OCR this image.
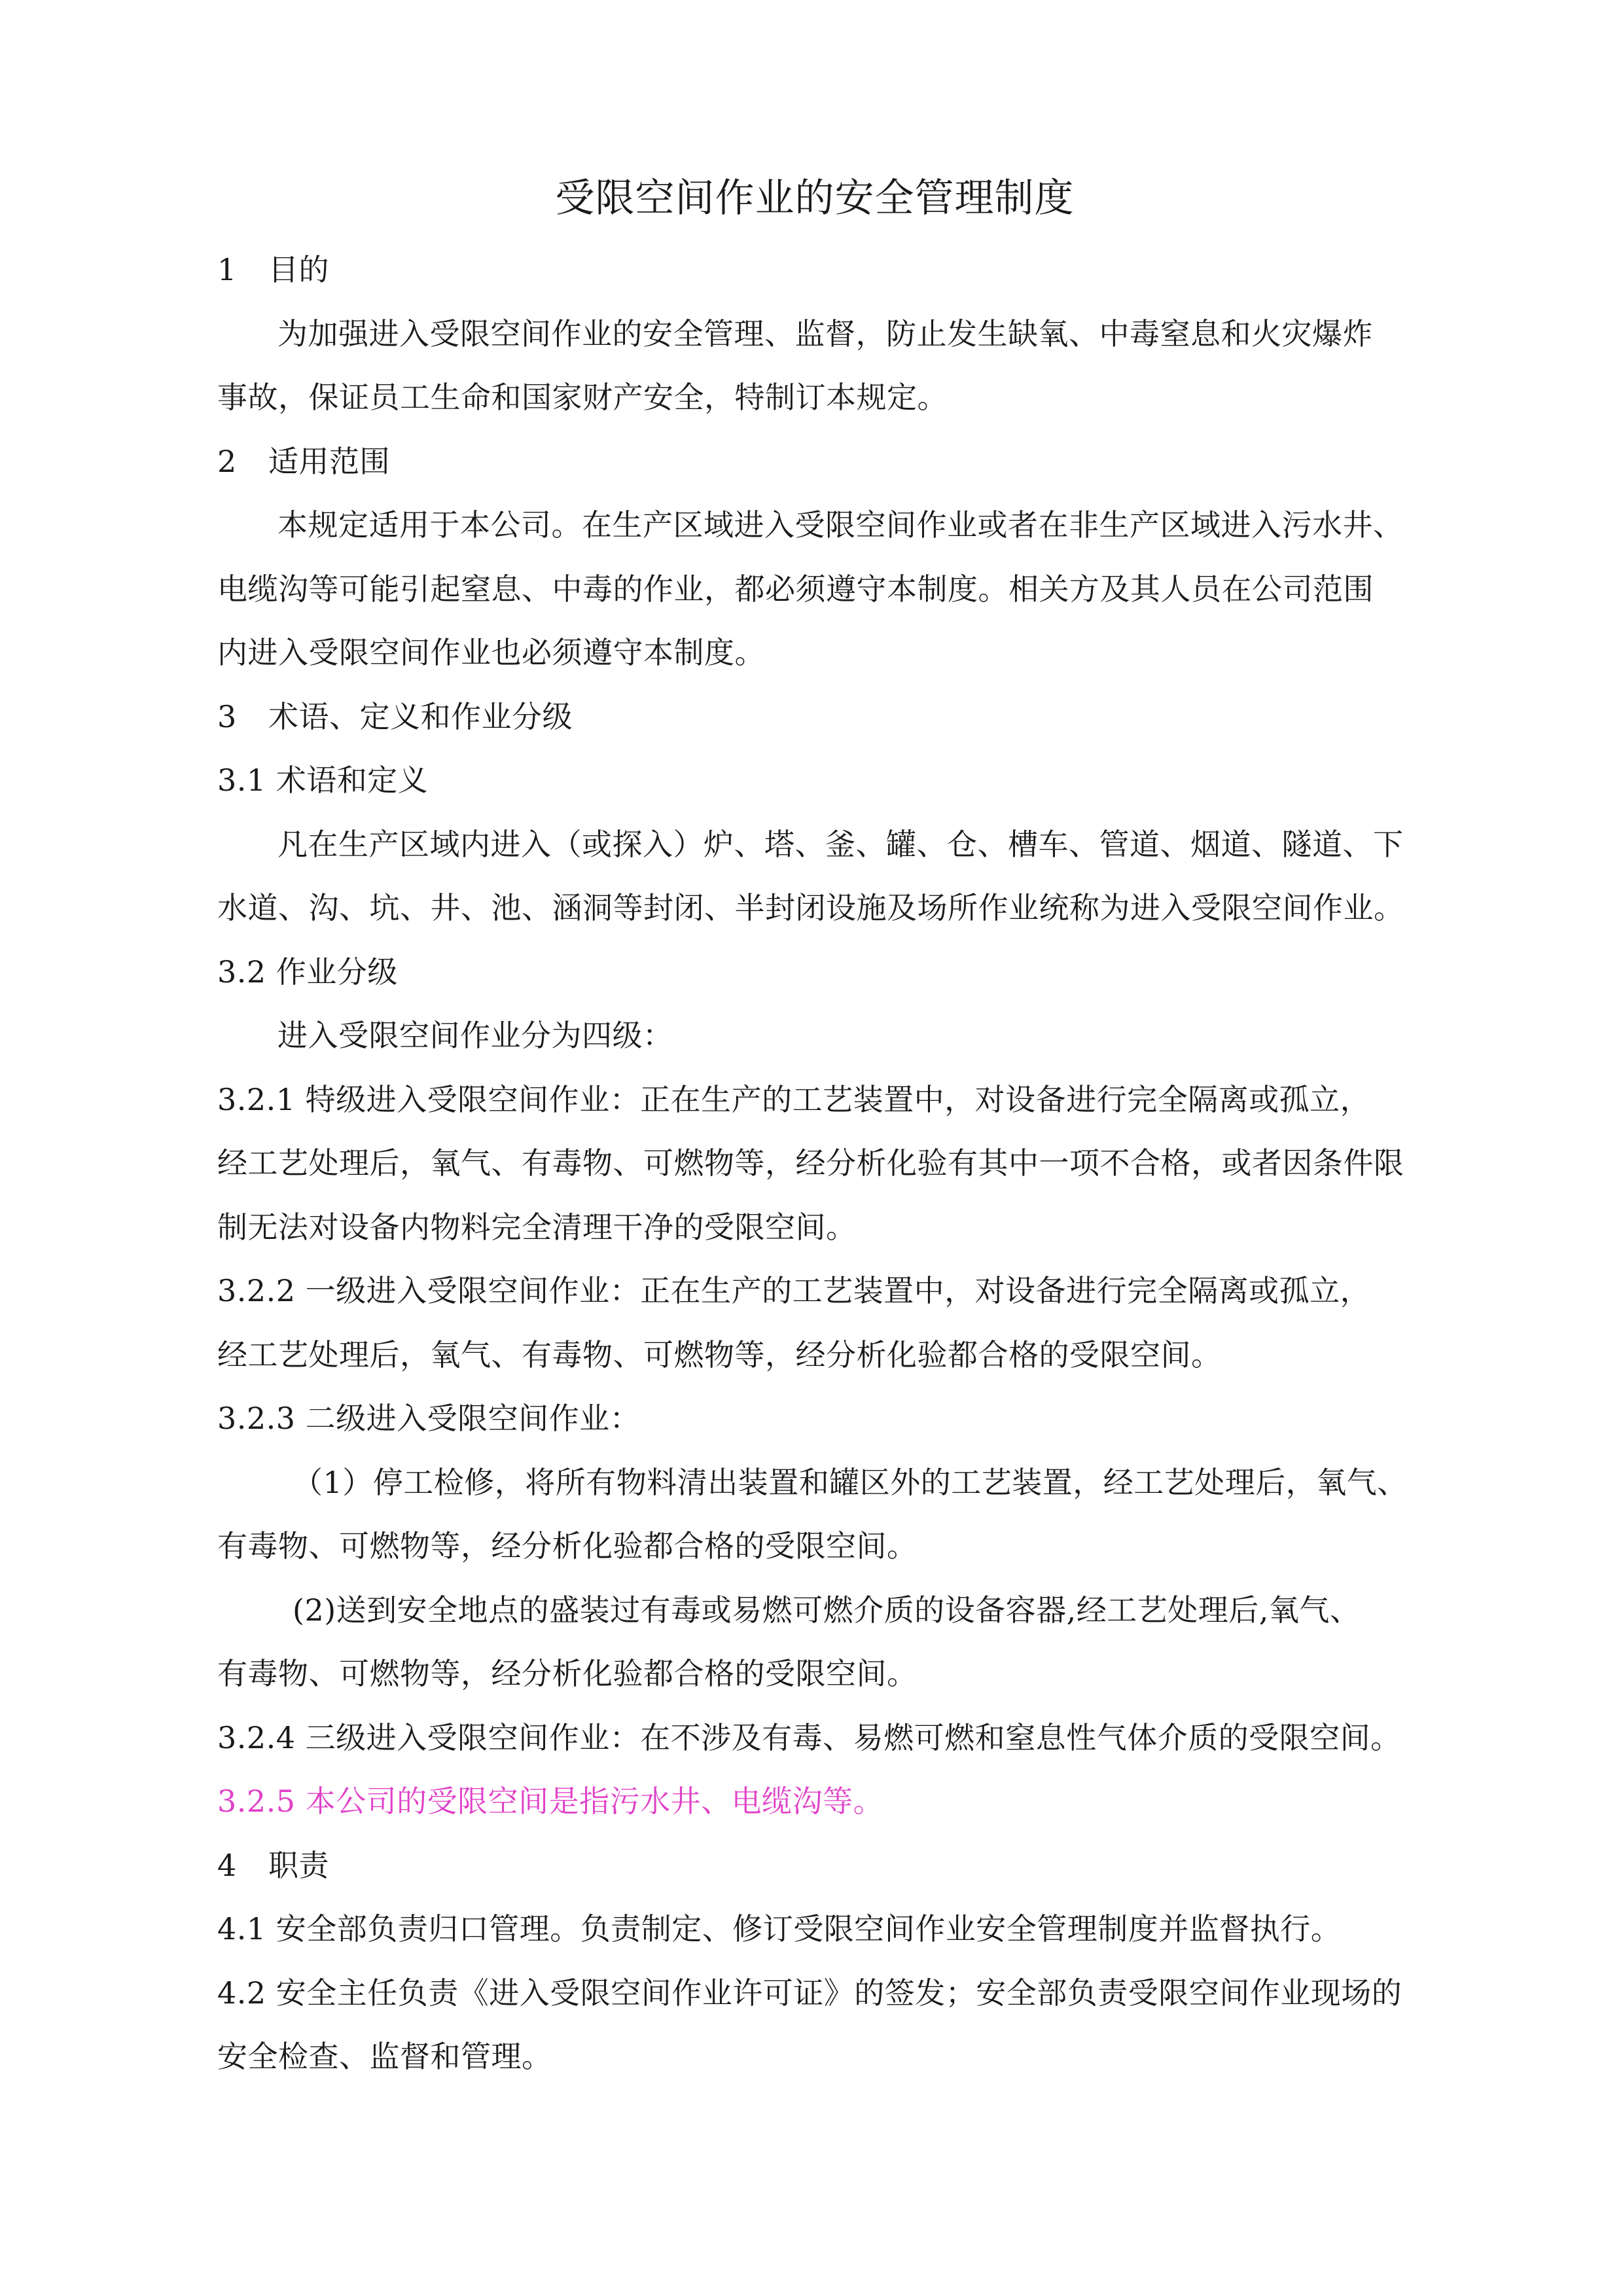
受限空间作业的安全管理制度
1 目的
为加强进入受限空间作业的安全管理、监督，防止发生缺氧、中毒窒息和火灾爆炸
事故，保证员工生命和国家财产安全，特制订本规定。
2 适用范围
本规定适用于本公司。在生产区域进入受限空间作业或者在非生产区域进入污水井、
电缆沟等可能引起窒息、中毒的作业，都必须遵守本制度。相关方及其人员在公司范围
内进入受限空间作业也必须遵守本制度。
3 术语、定义和作业分级
3.1 术语和定义
凡在生产区域内进入（或探入）炉、塔、釜、罐、仓、槽车、管道、烟道、隧道、下
水道、沟、坑、井、池、涵洞等封闭、半封闭设施及场所作业统称为进入受限空间作业。
3.2 作业分级
进入受限空间作业分为四级：
3.2.1 特级进入受限空间作业：正在生产的工艺装置中，对设备进行完全隔离或孤立，
经工艺处理后，氧气、有毒物、可燃物等，经分析化验有其中一项不合格，或者因条件限
制无法对设备内物料完全清理干净的受限空间。
3.2.2 一级进入受限空间作业：正在生产的工艺装置中，对设备进行完全隔离或孤立，
经工艺处理后，氧气、有毒物、可燃物等，经分析化验都合格的受限空间。
3.2.3 二级进入受限空间作业：
（1）停工检修，将所有物料清出装置和罐区外的工艺装置，经工艺处理后，氧气、
有毒物、可燃物等，经分析化验都合格的受限空间。
(2)送到安全地点的盛装过有毒或易燃可燃介质的设备容器,经工艺处理后,氧气、
有毒物、可燃物等，经分析化验都合格的受限空间。
3.2.4 三级进入受限空间作业：在不涉及有毒、易燃可燃和窒息性气体介质的受限空间。
3.2.5 本公司的受限空间是指污水井、电缆沟等。
4 职责
4.1 安全部负责归口管理。负责制定、修订受限空间作业安全管理制度并监督执行。
4.2 安全主任负责《进入受限空间作业许可证》的签发；安全部负责受限空间作业现场的
安全检查、监督和管理。
